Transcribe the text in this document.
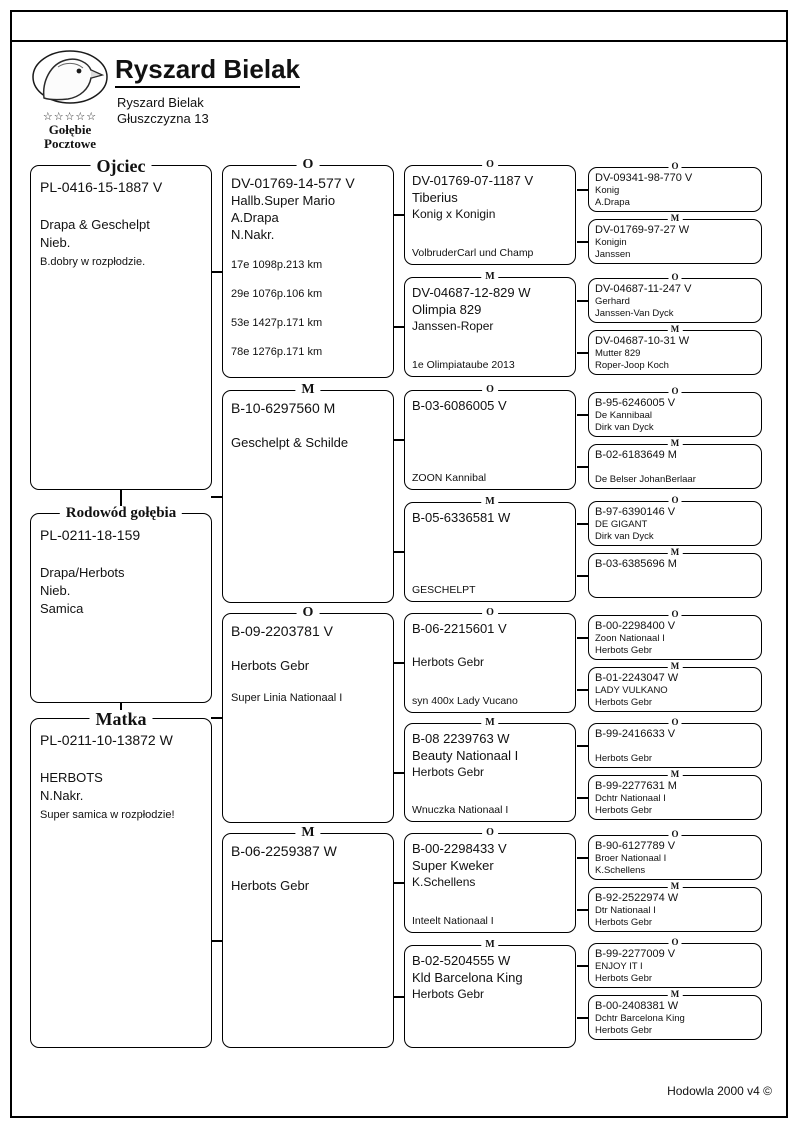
☆☆☆☆☆
Gołębie
Pocztowe
Ryszard Bielak
Ryszard Bielak
Głuszczyzna 13
Ojciec
PL-0416-15-1887 V
Drapa & Geschelpt
Nieb.
B.dobry w rozpłodzie.
Rodowód gołębia
PL-0211-18-159
Drapa/Herbots
Nieb.
Samica
Matka
PL-0211-10-13872 W
HERBOTS
N.Nakr.
Super samica w rozpłodzie!
O
DV-01769-14-577 V
Hallb.Super Mario
A.Drapa
N.Nakr.
17e 1098p.213 km
29e 1076p.106 km
53e 1427p.171 km
78e 1276p.171 km
M
B-10-6297560 M
Geschelpt & Schilde
O
B-09-2203781 V
Herbots Gebr
Super Linia Nationaal I
M
B-06-2259387 W
Herbots Gebr
O
DV-01769-07-1187 V
Tiberius
Konig x Konigin
VolbruderCarl und Champ
M
DV-04687-12-829 W
Olimpia 829
Janssen-Roper
1e Olimpiataube 2013
O
B-03-6086005 V
ZOON Kannibal
M
B-05-6336581 W
GESCHELPT
O
B-06-2215601 V
Herbots Gebr
syn 400x Lady Vucano
M
B-08 2239763 W
Beauty Nationaal I
Herbots Gebr
Wnuczka Nationaal I
O
B-00-2298433 V
Super Kweker
K.Schellens
Inteelt Nationaal I
M
B-02-5204555 W
Kld Barcelona King
Herbots Gebr
O
DV-09341-98-770 V
Konig
A.Drapa
M
DV-01769-97-27 W
Konigin
Janssen
O
DV-04687-11-247 V
Gerhard
Janssen-Van Dyck
M
DV-04687-10-31 W
Mutter 829
Roper-Joop Koch
O
B-95-6246005 V
De Kannibaal
Dirk van Dyck
M
B-02-6183649 M
De Belser JohanBerlaar
O
B-97-6390146 V
DE GIGANT
Dirk van Dyck
M
B-03-6385696 M
O
B-00-2298400 V
Zoon Nationaal I
Herbots Gebr
M
B-01-2243047 W
LADY VULKANO
Herbots Gebr
O
B-99-2416633 V
Herbots Gebr
M
B-99-2277631 M
Dchtr Nationaal I
Herbots Gebr
O
B-90-6127789 V
Broer Nationaal I
K.Schellens
M
B-92-2522974 W
Dtr Nationaal I
Herbots Gebr
O
B-99-2277009 V
ENJOY IT I
Herbots Gebr
M
B-00-2408381 W
Dchtr Barcelona King
Herbots Gebr
Hodowla 2000 v4 ©
